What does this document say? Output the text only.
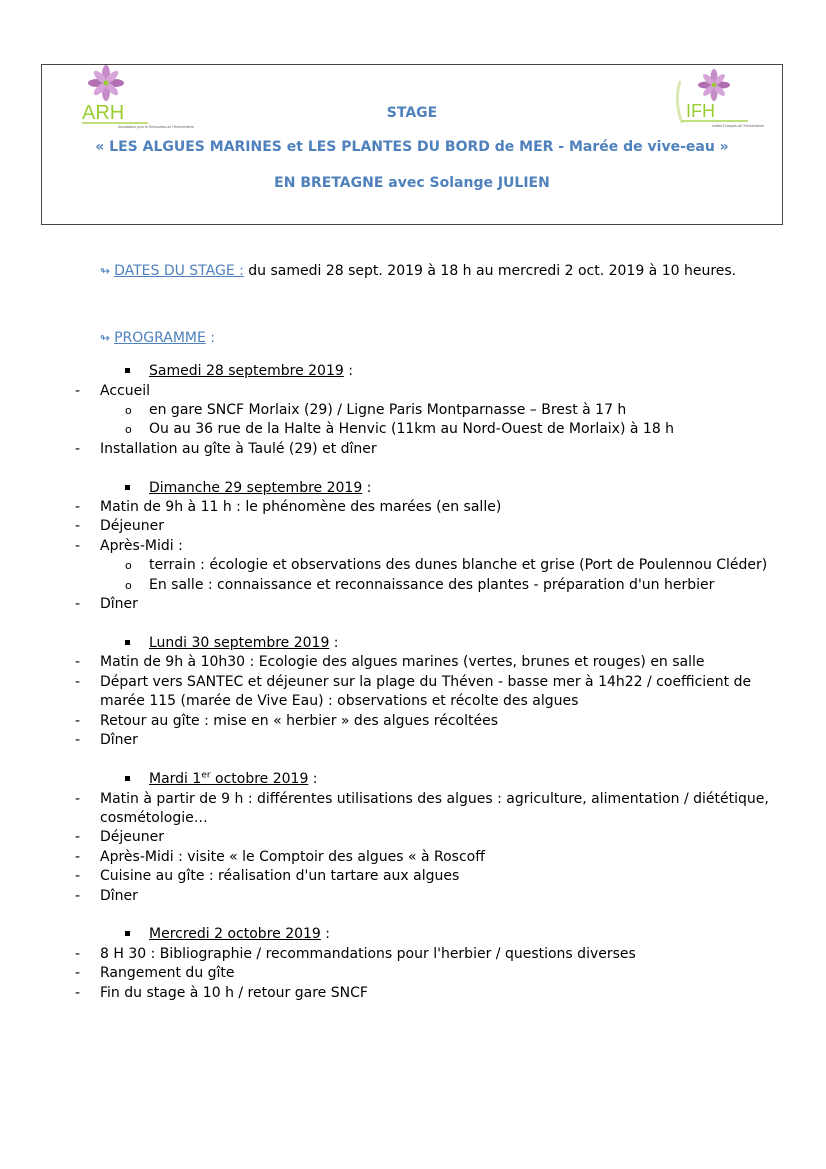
ARH
Association pour le Renouveau de l'Herboristerie
IFH
Institut Français de l'Herboristerie
STAGE
« LES ALGUES MARINES et LES PLANTES DU BORD de MER - Marée de vive-eau »
EN BRETAGNE avec Solange JULIEN
↬ DATES DU STAGE : du samedi 28 sept. 2019 à 18 h au mercredi 2 oct. 2019 à 10 heures.
↬ PROGRAMME :
Samedi 28 septembre 2019 :
- Accueil
o en gare SNCF Morlaix (29) / Ligne Paris Montparnasse – Brest à 17 h
o Ou au 36 rue de la Halte à Henvic (11km au Nord-Ouest de Morlaix) à 18 h
- Installation au gîte à Taulé (29) et dîner
Dimanche 29 septembre 2019 :
- Matin de 9h à 11 h : le phénomène des marées (en salle)
- Déjeuner
- Après-Midi :
o terrain : écologie et observations des dunes blanche et grise (Port de Poulennou Cléder)
o En salle : connaissance et reconnaissance des plantes - préparation d'un herbier
- Dîner
Lundi 30 septembre 2019 :
- Matin de 9h à 10h30 : Ecologie des algues marines (vertes, brunes et rouges) en salle
- Départ vers SANTEC et déjeuner sur la plage du Théven - basse mer à 14h22 / coefficient de
marée 115 (marée de Vive Eau) : observations et récolte des algues
- Retour au gîte : mise en « herbier » des algues récoltées
- Dîner
Mardi 1er octobre 2019 :
- Matin à partir de 9 h : différentes utilisations des algues : agriculture, alimentation / diététique,
cosmétologie…
- Déjeuner
- Après-Midi : visite « le Comptoir des algues « à Roscoff
- Cuisine au gîte : réalisation d'un tartare aux algues
- Dîner
Mercredi 2 octobre 2019 :
- 8 H 30 : Bibliographie / recommandations pour l'herbier / questions diverses
- Rangement du gîte
- Fin du stage à 10 h / retour gare SNCF
